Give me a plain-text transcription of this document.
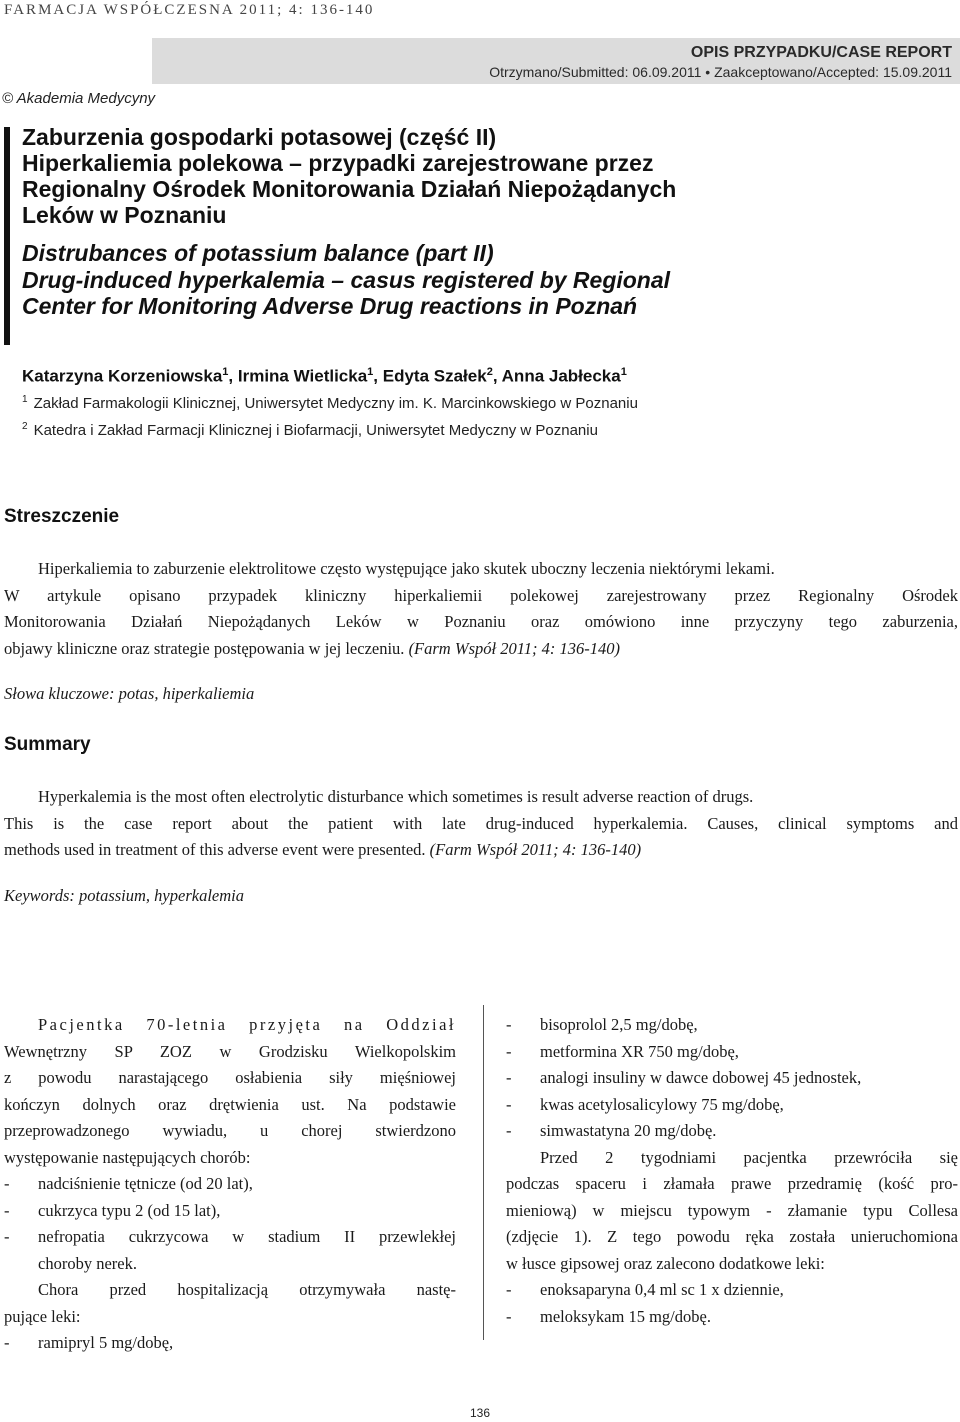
FARMACJA WSPÓŁCZESNA 2011; 4: 136-140
OPIS PRZYPADKU/CASE REPORT
Otrzymano/Submitted: 06.09.2011 • Zaakceptowano/Accepted: 15.09.2011
© Akademia Medycyny
Zaburzenia gospodarki potasowej (część II)
Hiperkaliemia polekowa – przypadki zarejestrowane przez
Regionalny Ośrodek Monitorowania Działań Niepożądanych
Leków w Poznaniu
Distrubances of potassium balance (part II)
Drug-induced hyperkalemia – casus registered by Regional
Center for Monitoring Adverse Drug reactions in Poznań
Katarzyna Korzeniowska$^1$, Irmina Wietlicka$^1$, Edyta Szałek$^2$, Anna Jabłecka$^1$
$^1$ Zakład Farmakologii Klinicznej, Uniwersytet Medyczny im. K. Marcinkowskiego w Poznaniu
$^2$ Katedra i Zakład Farmacji Klinicznej i Biofarmacji, Uniwersytet Medyczny w Poznaniu
Streszczenie
Hiperkaliemia to zaburzenie elektrolitowe często występujące jako skutek uboczny leczenia niektórymi lekami.
W artykule opisano przypadek kliniczny hiperkaliemii polekowej zarejestrowany przez Regionalny Ośrodek
Monitorowania Działań Niepożądanych Leków w Poznaniu oraz omówiono inne przyczyny tego zaburzenia,
objawy kliniczne oraz strategie postępowania w jej leczeniu. (Farm Współ 2011; 4: 136-140)
Słowa kluczowe: potas, hiperkaliemia
Summary
Hyperkalemia is the most often electrolytic disturbance which sometimes is result adverse reaction of drugs.
This is the case report about the patient with late drug-induced hyperkalemia. Causes, clinical symptoms and
methods used in treatment of this adverse event were presented. (Farm Współ 2011; 4: 136-140)
Keywords: potassium, hyperkalemia
Pacjentka 70-letnia przyjęta na Oddział
Wewnętrzny SP ZOZ w Grodzisku Wielkopolskim
z powodu narastającego osłabienia siły mięśniowej
kończyn dolnych oraz drętwienia ust. Na podstawie
przeprowadzonego wywiadu, u chorej stwierdzono
występowanie następujących chorób:
-	nadciśnienie tętnicze (od 20 lat),
-	cukrzyca typu 2 (od 15 lat),
-	nefropatia cukrzycowa w stadium II przewlekłej
choroby nerek.
Chora przed hospitalizacją otrzymywała nastę-
pujące leki:
-	ramipryl 5 mg/dobę,
-	bisoprolol 2,5 mg/dobę,
-	metformina XR 750 mg/dobę,
-	analogi insuliny w dawce dobowej 45 jednostek,
-	kwas acetylosalicylowy 75 mg/dobę,
-	simwastatyna 20 mg/dobę.
Przed 2 tygodniami pacjentka przewróciła się
podczas spaceru i złamała prawe przedramię (kość pro-
mieniową) w miejscu typowym - złamanie typu Collesa
(zdjęcie 1). Z tego powodu ręka została unieruchomiona
w łusce gipsowej oraz zalecono dodatkowe leki:
-	enoksaparyna 0,4 ml sc 1 x dziennie,
-	meloksykam 15 mg/dobę.
136
